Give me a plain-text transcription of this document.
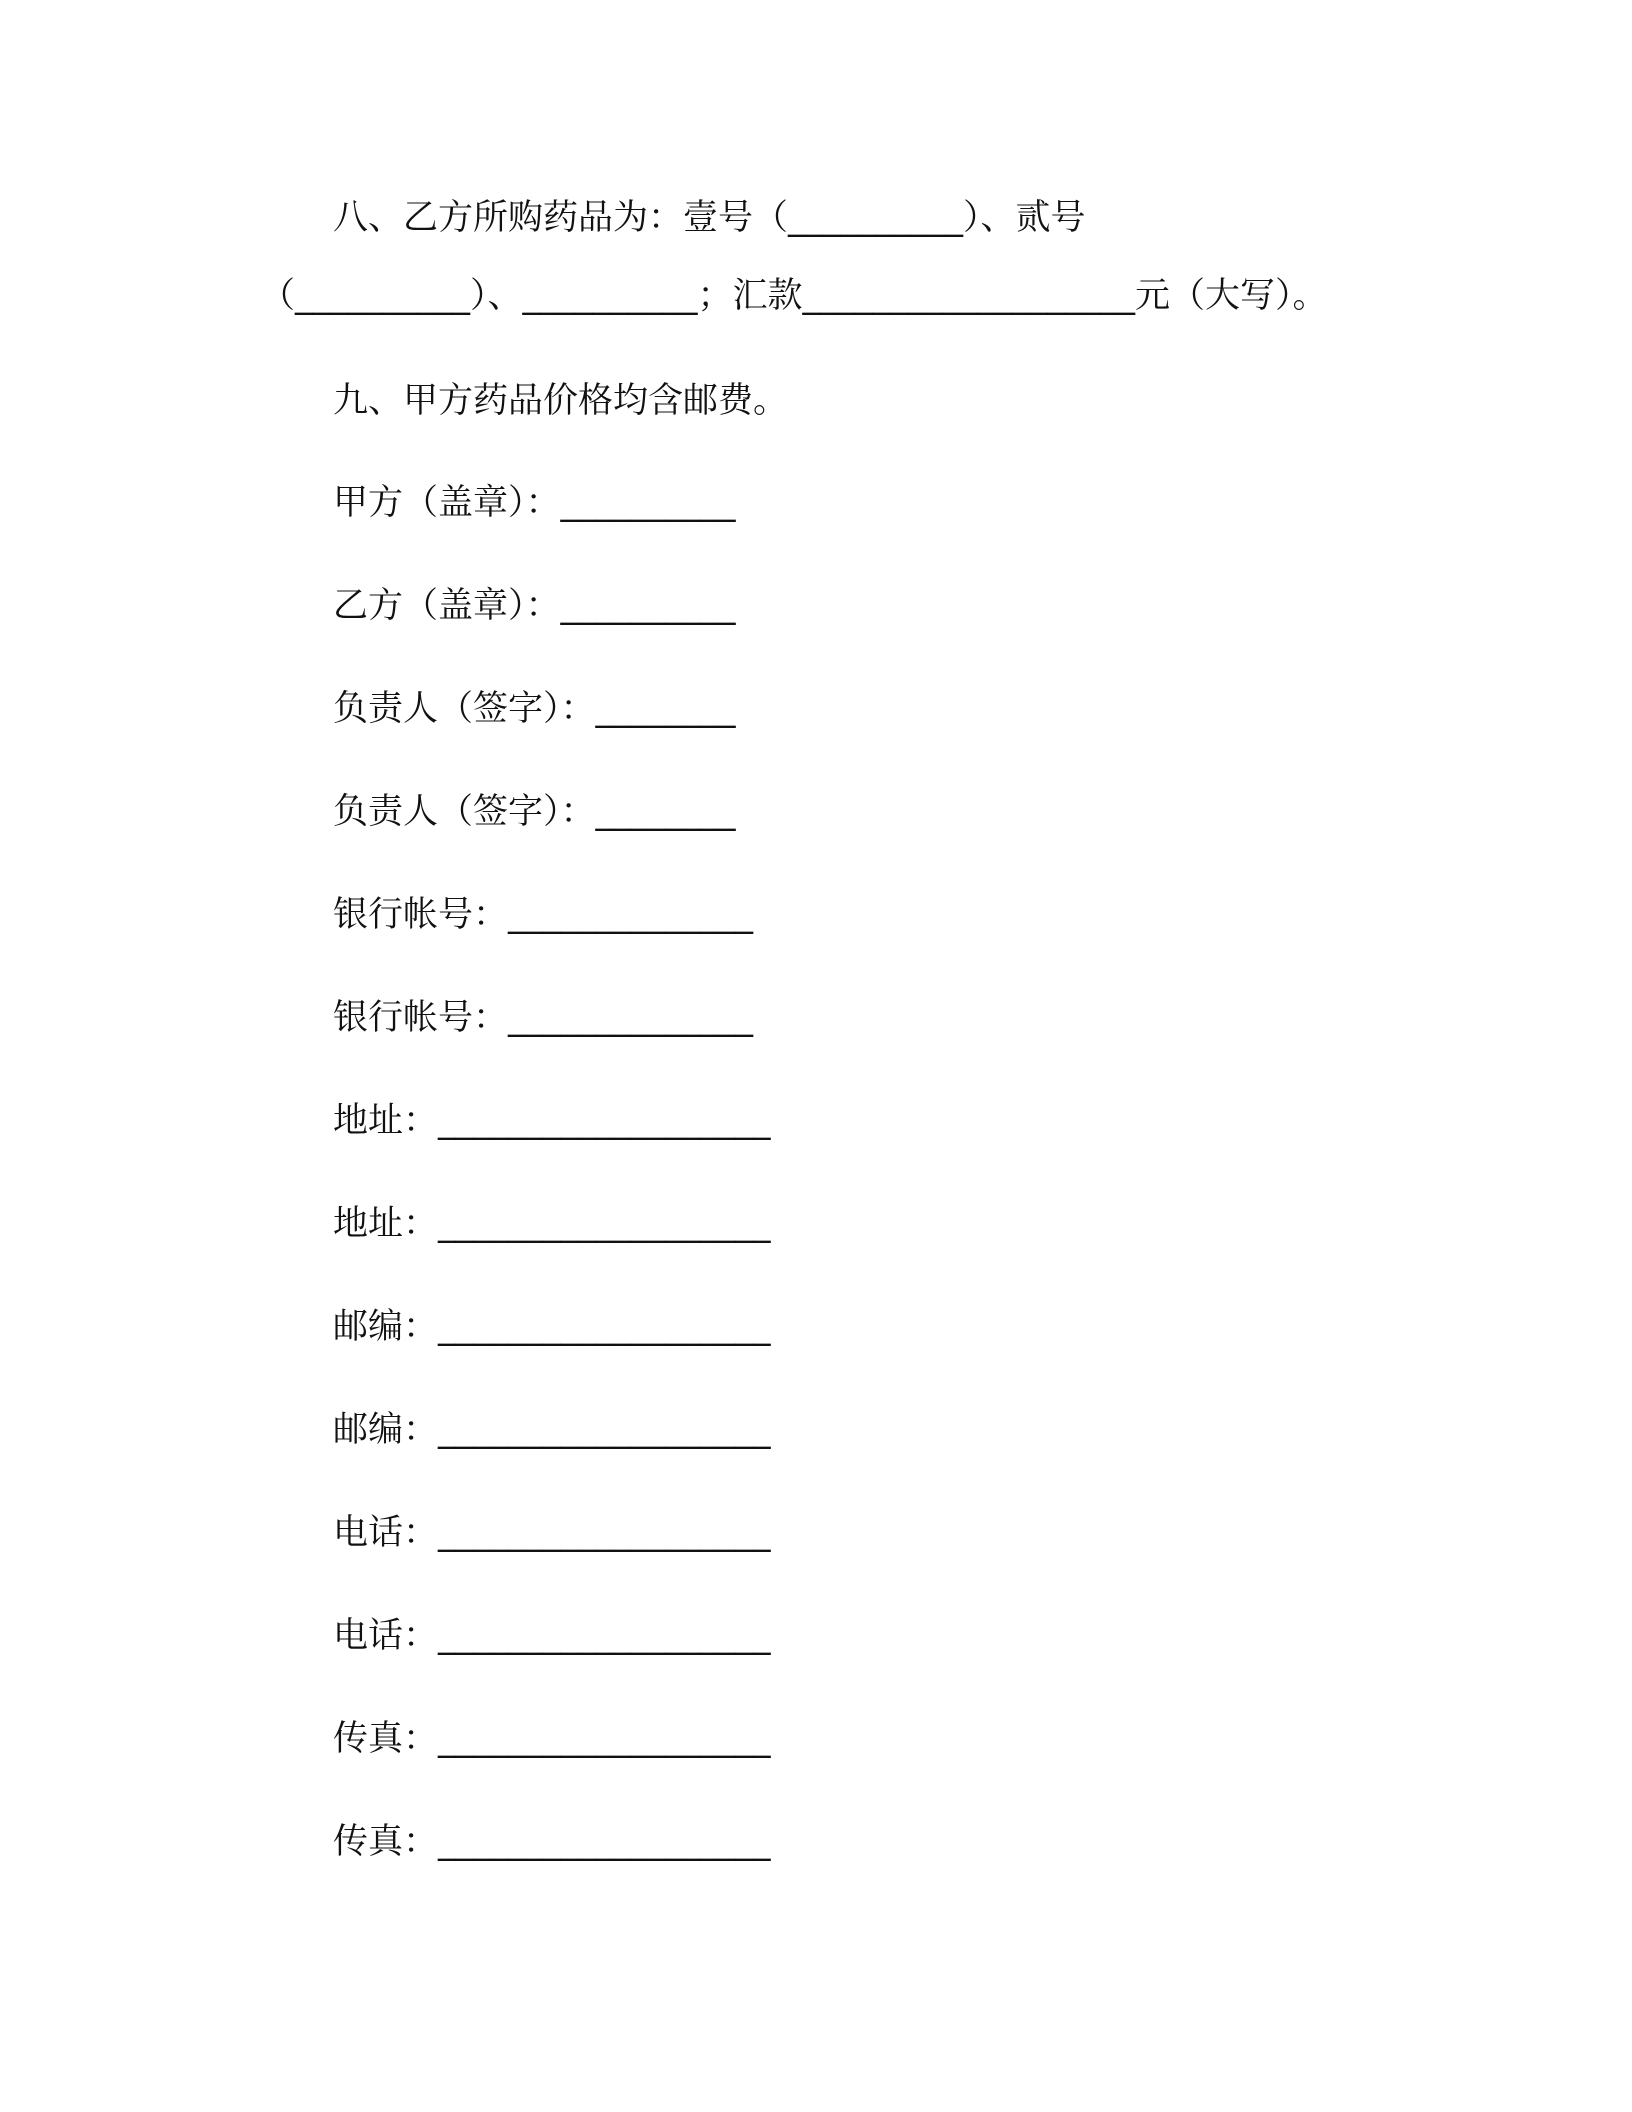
八、乙方所购药品为：壹号（__________）、贰号
（__________）、__________；汇款___________________元（大写）。
九、甲方药品价格均含邮费。
甲方（盖章）：__________
乙方（盖章）：__________
负责人（签字）：________
负责人（签字）：________
银行帐号：______________
银行帐号：______________
地址：___________________
地址：___________________
邮编：___________________
邮编：___________________
电话：___________________
电话：___________________
传真：___________________
传真：___________________
